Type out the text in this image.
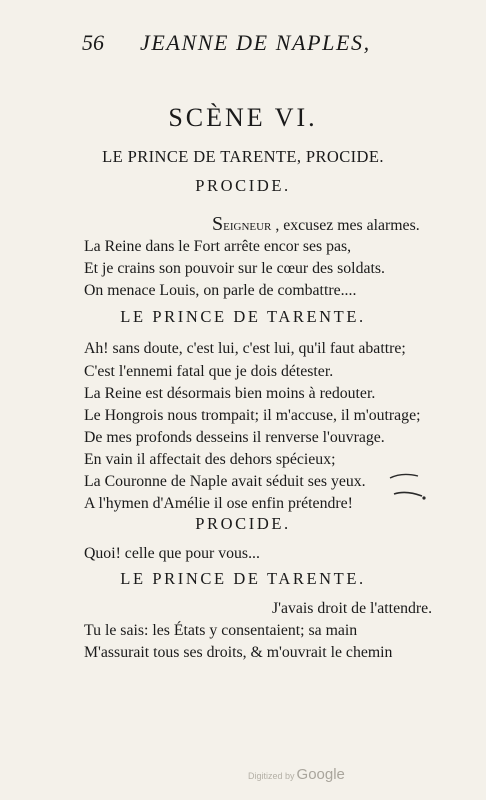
56 JEANNE DE NAPLES,
SCÈNE VI.
LE PRINCE DE TARENTE, PROCIDE.
PROCIDE.
Seigneur , excusez mes alarmes.
La Reine dans le Fort arrête encor ses pas,
Et je crains son pouvoir sur le cœur des soldats.
On menace Louis, on parle de combattre....
LE PRINCE DE TARENTE.
Ah! sans doute, c'est lui, c'est lui, qu'il faut abattre;
C'est l'ennemi fatal que je dois détester.
La Reine est désormais bien moins à redouter.
Le Hongrois nous trompait; il m'accuse, il m'outrage;
De mes profonds desseins il renverse l'ouvrage.
En vain il affectait des dehors spécieux;
La Couronne de Naple avait séduit ses yeux.
A l'hymen d'Amélie il ose enfin prétendre!
PROCIDE.
Quoi! celle que pour vous...
LE PRINCE DE TARENTE.
J'avais droit de l'attendre.
Tu le sais: les États y consentaient; sa main
M'assurait tous ses droits, & m'ouvrait le chemin
Digitized by Google
